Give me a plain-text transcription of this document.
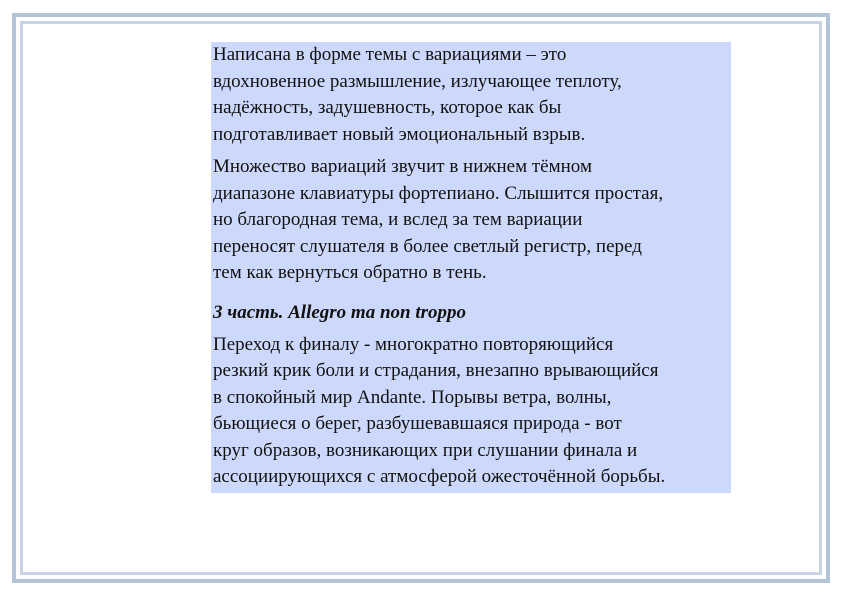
Написана в форме темы с вариациями – это
вдохновенное размышление, излучающее теплоту,
надёжность, задушевность, которое как бы
подготавливает новый эмоциональный взрыв.

Множество вариаций звучит в нижнем тёмном
диапазоне клавиатуры фортепиано. Слышится простая,
но благородная тема, и вслед за тем вариации
переносят слушателя в более светлый регистр, перед
тем как вернуться обратно в тень.

3 часть. Allegro ma non troppo

Переход к финалу - многократно повторяющийся
резкий крик боли и страдания, внезапно врывающийся
в спокойный мир Andante. Порывы ветра, волны,
бьющиеся о берег, разбушевавшаяся природа - вот
круг образов, возникающих при слушании финала и
ассоциирующихся с атмосферой ожесточённой борьбы.
